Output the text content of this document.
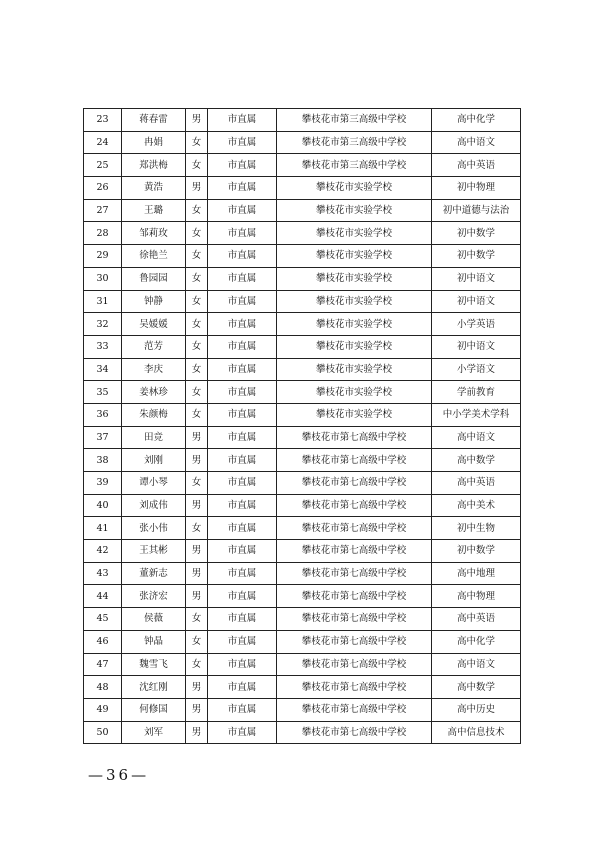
23	蒋春雷	男	市直属	攀枝花市第三高级中学校	高中化学
24	冉娟	女	市直属	攀枝花市第三高级中学校	高中语文
25	郑洪梅	女	市直属	攀枝花市第三高级中学校	高中英语
26	黄浩	男	市直属	攀枝花市实验学校	初中物理
27	王璐	女	市直属	攀枝花市实验学校	初中道德与法治
28	邹莉玫	女	市直属	攀枝花市实验学校	初中数学
29	徐艳兰	女	市直属	攀枝花市实验学校	初中数学
30	鲁园园	女	市直属	攀枝花市实验学校	初中语文
31	钟静	女	市直属	攀枝花市实验学校	初中语文
32	吴媛媛	女	市直属	攀枝花市实验学校	小学英语
33	范芳	女	市直属	攀枝花市实验学校	初中语文
34	李庆	女	市直属	攀枝花市实验学校	小学语文
35	姜林珍	女	市直属	攀枝花市实验学校	学前教育
36	朱颜梅	女	市直属	攀枝花市实验学校	中小学美术学科
37	田竞	男	市直属	攀枝花市第七高级中学校	高中语文
38	刘刚	男	市直属	攀枝花市第七高级中学校	高中数学
39	谭小琴	女	市直属	攀枝花市第七高级中学校	高中英语
40	刘成伟	男	市直属	攀枝花市第七高级中学校	高中美术
41	张小伟	女	市直属	攀枝花市第七高级中学校	初中生物
42	王其彬	男	市直属	攀枝花市第七高级中学校	初中数学
43	董新志	男	市直属	攀枝花市第七高级中学校	高中地理
44	张济宏	男	市直属	攀枝花市第七高级中学校	高中物理
45	侯薇	女	市直属	攀枝花市第七高级中学校	高中英语
46	钟晶	女	市直属	攀枝花市第七高级中学校	高中化学
47	魏雪飞	女	市直属	攀枝花市第七高级中学校	高中语文
48	沈红刚	男	市直属	攀枝花市第七高级中学校	高中数学
49	何修国	男	市直属	攀枝花市第七高级中学校	高中历史
50	刘军	男	市直属	攀枝花市第七高级中学校	高中信息技术
—36—
